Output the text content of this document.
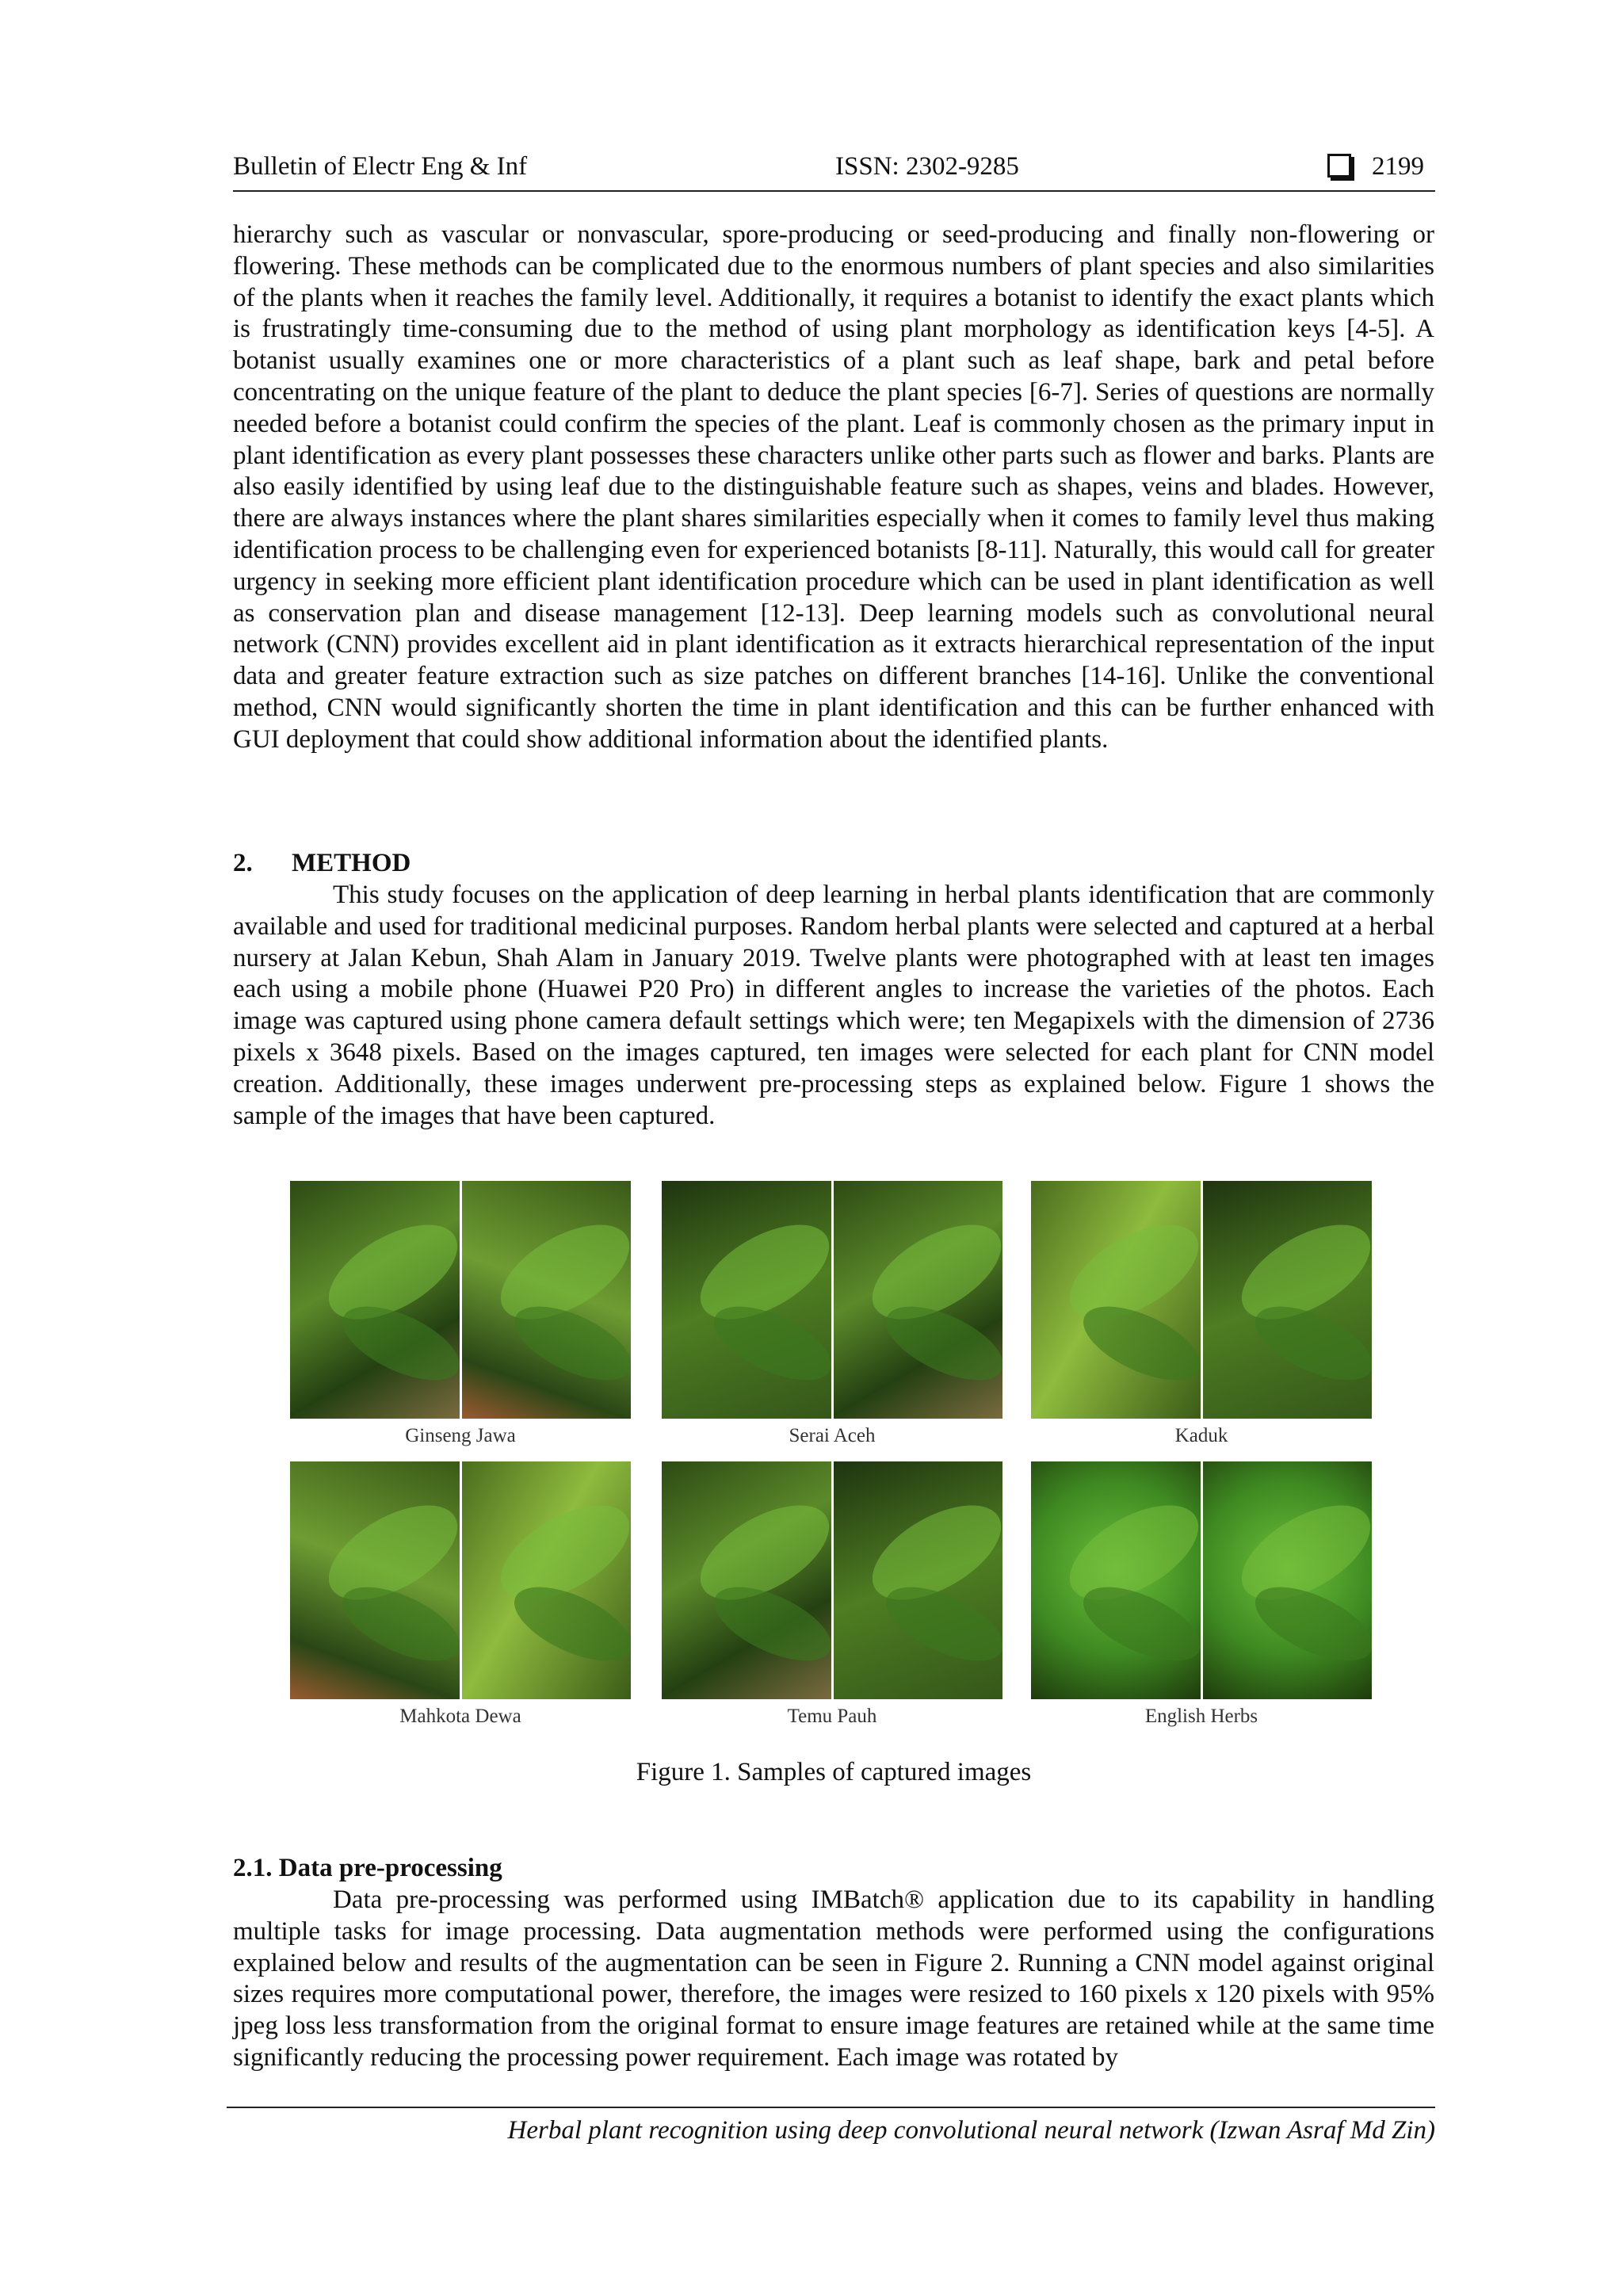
Bulletin of Electr Eng & Inf	ISSN: 2302-9285	2199

hierarchy such as vascular or nonvascular, spore-producing or seed-producing and finally non-flowering or flowering. These methods can be complicated due to the enormous numbers of plant species and also similarities of the plants when it reaches the family level. Additionally, it requires a botanist to identify the exact plants which is frustratingly time-consuming due to the method of using plant morphology as identification keys [4-5]. A botanist usually examines one or more characteristics of a plant such as leaf shape, bark and petal before concentrating on the unique feature of the plant to deduce the plant species [6-7]. Series of questions are normally needed before a botanist could confirm the species of the plant. Leaf is commonly chosen as the primary input in plant identification as every plant possesses these characters unlike other parts such as flower and barks. Plants are also easily identified by using leaf due to the distinguishable feature such as shapes, veins and blades. However, there are always instances where the plant shares similarities especially when it comes to family level thus making identification process to be challenging even for experienced botanists [8-11]. Naturally, this would call for greater urgency in seeking more efficient plant identification procedure which can be used in plant identification as well as conservation plan and disease management [12-13]. Deep learning models such as convolutional neural network (CNN) provides excellent aid in plant identification as it extracts hierarchical representation of the input data and greater feature extraction such as size patches on different branches [14-16]. Unlike the conventional method, CNN would significantly shorten the time in plant identification and this can be further enhanced with GUI deployment that could show additional information about the identified plants.

2. METHOD

This study focuses on the application of deep learning in herbal plants identification that are commonly available and used for traditional medicinal purposes. Random herbal plants were selected and captured at a herbal nursery at Jalan Kebun, Shah Alam in January 2019. Twelve plants were photographed with at least ten images each using a mobile phone (Huawei P20 Pro) in different angles to increase the varieties of the photos. Each image was captured using phone camera default settings which were; ten Megapixels with the dimension of 2736 pixels x 3648 pixels. Based on the images captured, ten images were selected for each plant for CNN model creation. Additionally, these images underwent pre-processing steps as explained below. Figure 1 shows the sample of the images that have been captured.

Ginseng Jawa	Serai Aceh	Kaduk
Mahkota Dewa	Temu Pauh	English Herbs
Figure 1. Samples of captured images

2.1. Data pre-processing

Data pre-processing was performed using IMBatch® application due to its capability in handling multiple tasks for image processing. Data augmentation methods were performed using the configurations explained below and results of the augmentation can be seen in Figure 2. Running a CNN model against original sizes requires more computational power, therefore, the images were resized to 160 pixels x 120 pixels with 95% jpeg loss less transformation from the original format to ensure image features are retained while at the same time significantly reducing the processing power requirement. Each image was rotated by

Herbal plant recognition using deep convolutional neural network (Izwan Asraf Md Zin)
